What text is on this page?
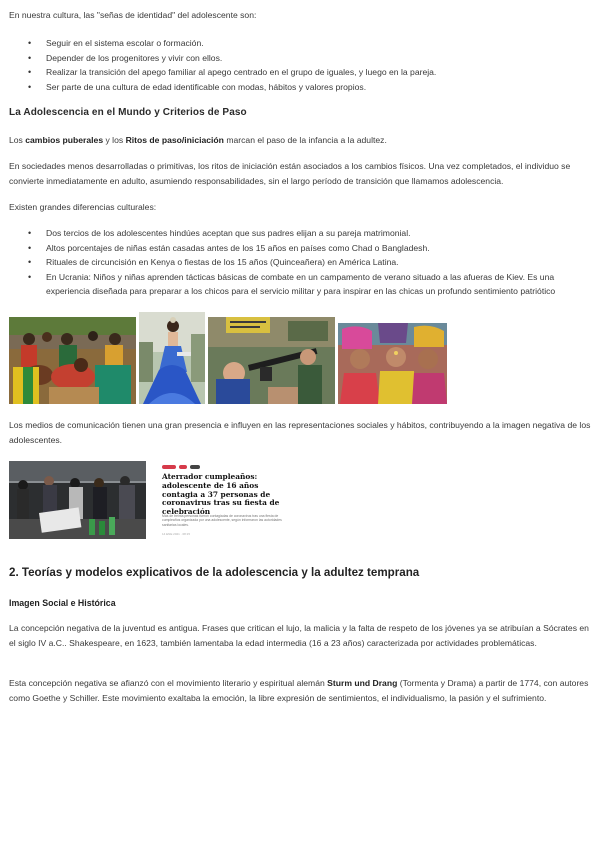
En nuestra cultura, las "señas de identidad" del adolescente son:

• Seguir en el sistema escolar o formación.
• Depender de los progenitores y vivir con ellos.
• Realizar la transición del apego familiar al apego centrado en el grupo de iguales, y luego en la pareja.
• Ser parte de una cultura de edad identificable con modas, hábitos y valores propios.
La Adolescencia en el Mundo y Criterios de Paso

Los cambios puberales y los Ritos de paso/iniciación marcan el paso de la infancia a la adultez.

En sociedades menos desarrolladas o primitivas, los ritos de iniciación están asociados a los cambios físicos. Una vez completados, el individuo se convierte inmediatamente en adulto, asumiendo responsabilidades, sin el largo período de transición que llamamos adolescencia.

Existen grandes diferencias culturales:

• Dos tercios de los adolescentes hindúes aceptan que sus padres elijan a su pareja matrimonial.
• Altos porcentajes de niñas están casadas antes de los 15 años en países como Chad o Bangladesh.
• Rituales de circuncisión en Kenya o fiestas de los 15 años (Quinceañera) en América Latina.
• En Ucrania: Niños y niñas aprenden tácticas básicas de combate en un campamento de verano situado a las afueras de Kiev. Es una experiencia diseñada para preparar a los chicos para el servicio militar y para inspirar en las chicas un profundo sentimiento patriótico

Los medios de comunicación tienen una gran presencia e influyen en las representaciones sociales y hábitos, contribuyendo a la imagen negativa de los adolescentes.

Aterrador cumpleaños: adolescente de 16 años contagia a 37 personas de coronavirus tras su fiesta de celebración
Más de treinta personas fueron contagiadas de coronavirus tras una fiesta de cumpleaños organizada por una adolescente, según informaron las autoridades sanitarias locales.
14 ENE 2021 · 08:15
2. Teorías y modelos explicativos de la adolescencia y la adultez temprana
Imagen Social e Histórica

La concepción negativa de la juventud es antigua. Frases que critican el lujo, la malicia y la falta de respeto de los jóvenes ya se atribuían a Sócrates en el siglo IV a.C.. Shakespeare, en 1623, también lamentaba la edad intermedia (16 a 23 años) caracterizada por actividades problemáticas.

Esta concepción negativa se afianzó con el movimiento literario y espiritual alemán Sturm und Drang (Tormenta y Drama) a partir de 1774, con autores como Goethe y Schiller. Este movimiento exaltaba la emoción, la libre expresión de sentimientos, el individualismo, la pasión y el sufrimiento.
